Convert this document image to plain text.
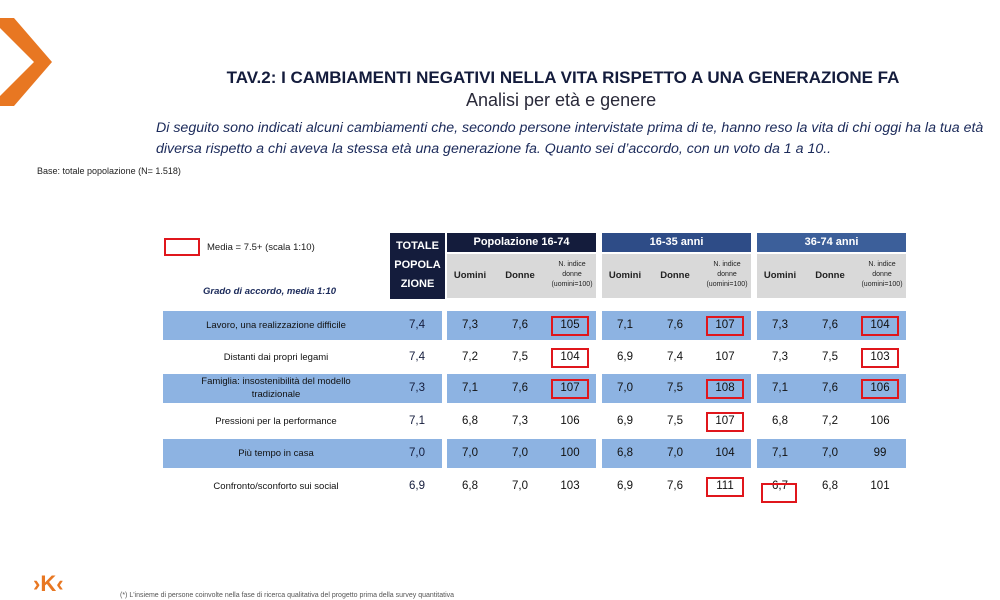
TAV.2: I CAMBIAMENTI NEGATIVI NELLA VITA RISPETTO A UNA GENERAZIONE FA
Analisi per età e genere
Di seguito sono indicati alcuni cambiamenti che, secondo persone intervistate prima di te, hanno reso la vita di chi oggi ha la tua età diversa rispetto a chi aveva la stessa età una generazione fa. Quanto sei d’accordo, con un voto da 1 a 10..
Base: totale popolazione (N= 1.518)
Media = 7.5+ (scala 1:10)
Grado di accordo, media 1:10
TOTALE
POPOLA
ZIONE
Popolazione 16-74
Uomini	Donne
N. indice
donne
(uomini=100)
16-35 anni
Uomini	Donne
N. indice
donne
(uomini=100)
36-74 anni
Uomini	Donne
N. indice
donne
(uomini=100)
Lavoro, una realizzazione difficile	7,4	7,3	7,6	105	7,1	7,6	107	7,3	7,6	104
Distanti dai propri legami	7,4	7,2	7,5	104	6,9	7,4	107	7,3	7,5	103
Famiglia: insostenibilità del modello
tradizionale
7,3	7,1	7,6	107	7,0	7,5	108	7,1	7,6	106
Pressioni per la performance	7,1	6,8	7,3	106	6,9	7,5	107	6,8	7,2	106
Più tempo in casa	7,0	7,0	7,0	100	6,8	7,0	104	7,1	7,0	99
Confronto/sconforto sui social	6,9	6,8	7,0	103	6,9	7,6	111	6,7	6,8	101
›K‹	(*) L'insieme di persone coinvolte nella fase di ricerca qualitativa del progetto prima della survey quantitativa
